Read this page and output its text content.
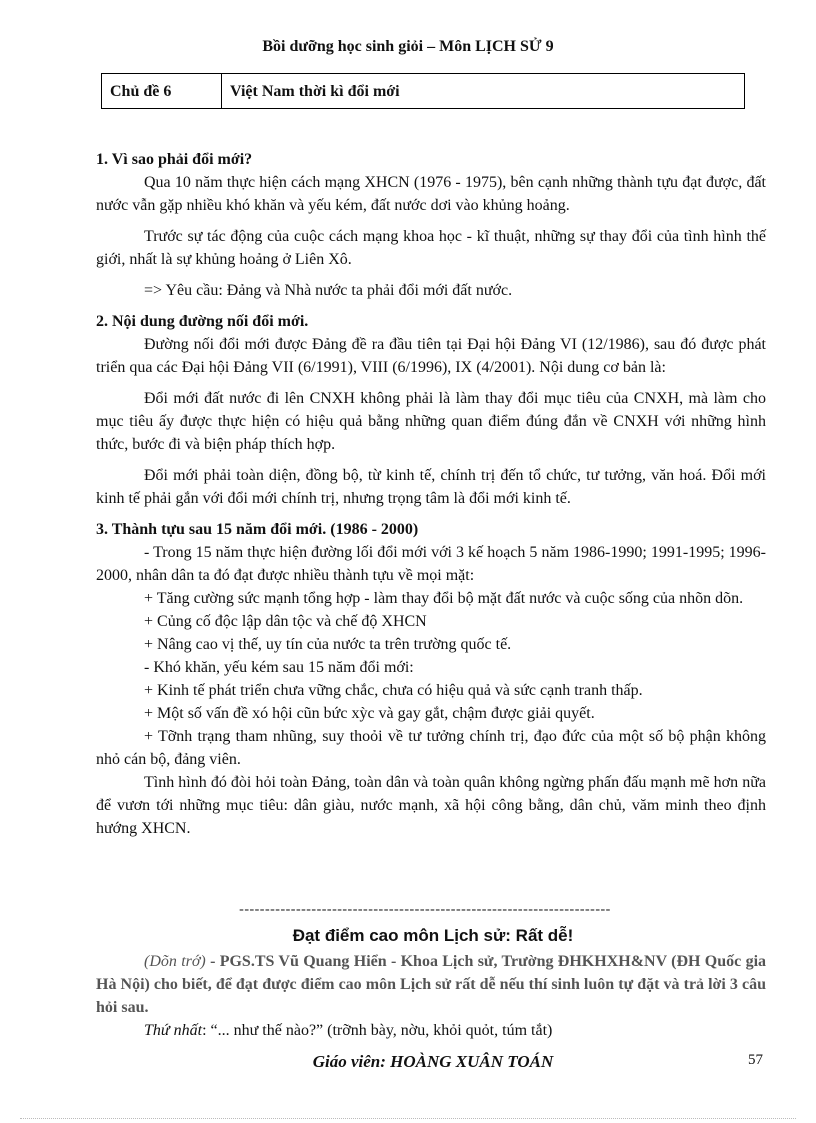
Bồi dưỡng học sinh giỏi – Môn LỊCH SỬ 9
Chủ đề 6	Việt Nam thời kì đổi mới

1. Vì sao phải đổi mới?

Qua 10 năm thực hiện cách mạng XHCN (1976 - 1975), bên cạnh những thành tựu đạt được, đất nước vẫn gặp nhiều khó khăn và yếu kém, đất nước dơi vào khủng hoảng.

Trước sự tác động của cuộc cách mạng khoa học - kĩ thuật, những sự thay đổi của tình hình thế giới, nhất là sự khủng hoảng ở Liên Xô.

=> Yêu cầu: Đảng và Nhà nước ta phải đổi mới đất nước.

2. Nội dung đường nối đổi mới.

Đường nối đổi mới được Đảng đề ra đầu tiên tại Đại hội Đảng VI (12/1986), sau đó được phát triển qua các Đại hội Đảng VII (6/1991), VIII (6/1996), IX (4/2001). Nội dung cơ bản là:

Đổi mới đất nước đi lên CNXH không phải là làm thay đổi mục tiêu của CNXH, mà làm cho mục tiêu ấy được thực hiện có hiệu quả bằng những quan điểm đúng đắn về CNXH với những hình thức, bước đi và biện pháp thích hợp.

Đổi mới phải toàn diện, đồng bộ, từ kinh tế, chính trị đến tổ chức, tư tưởng, văn hoá. Đổi mới kinh tế phải gắn với đổi mới chính trị, nhưng trọng tâm là đổi mới kinh tế.

3. Thành tựu sau 15 năm đổi mới. (1986 - 2000)

- Trong 15 năm thực hiện đường lối đổi mới với 3 kế hoạch 5 năm 1986-1990; 1991-1995; 1996-2000, nhân dân ta đó đạt được nhiều thành tựu về mọi mặt:

+ Tăng cường sức mạnh tổng hợp - làm thay đổi bộ mặt đất nước và cuộc sống của nhõn dõn.

+ Củng cố độc lập dân tộc và chế độ XHCN

+ Nâng cao vị thế, uy tín của nước ta trên trường quốc tế.

- Khó khăn, yếu kém sau 15 năm đổi mới:

+ Kinh tế phát triển chưa vững chắc, chưa có hiệu quả và sức cạnh tranh thấp.

+ Một số vấn đề xó hội cũn bức xỳc và gay gắt, chậm được giải quyết.

+ Tỡnh trạng tham nhũng, suy thoỏi về tư tưởng chính trị, đạo đức của một số bộ phận không nhỏ cán bộ, đảng viên.

Tình hình đó đòi hỏi toàn Đảng, toàn dân và toàn quân không ngừng phấn đấu mạnh mẽ hơn nữa để vươn tới những mục tiêu: dân giàu, nước mạnh, xã hội công bằng, dân chủ, văm minh theo định hướng XHCN.

------------------------------------------------------------------------
Đạt điểm cao môn Lịch sử: Rất dễ!

(Dõn trớ) - PGS.TS Vũ Quang Hiển - Khoa Lịch sử, Trường ĐHKHXH&NV (ĐH Quốc gia Hà Nội) cho biết, để đạt được điểm cao môn Lịch sử rất dễ nếu thí sinh luôn tự đặt và trả lời 3 câu hỏi sau.

Thứ nhất: “... như thế nào?” (trỡnh bày, nờu, khỏi quỏt, túm tắt)

Giáo viên: HOÀNG XUÂN TOÁN	57
